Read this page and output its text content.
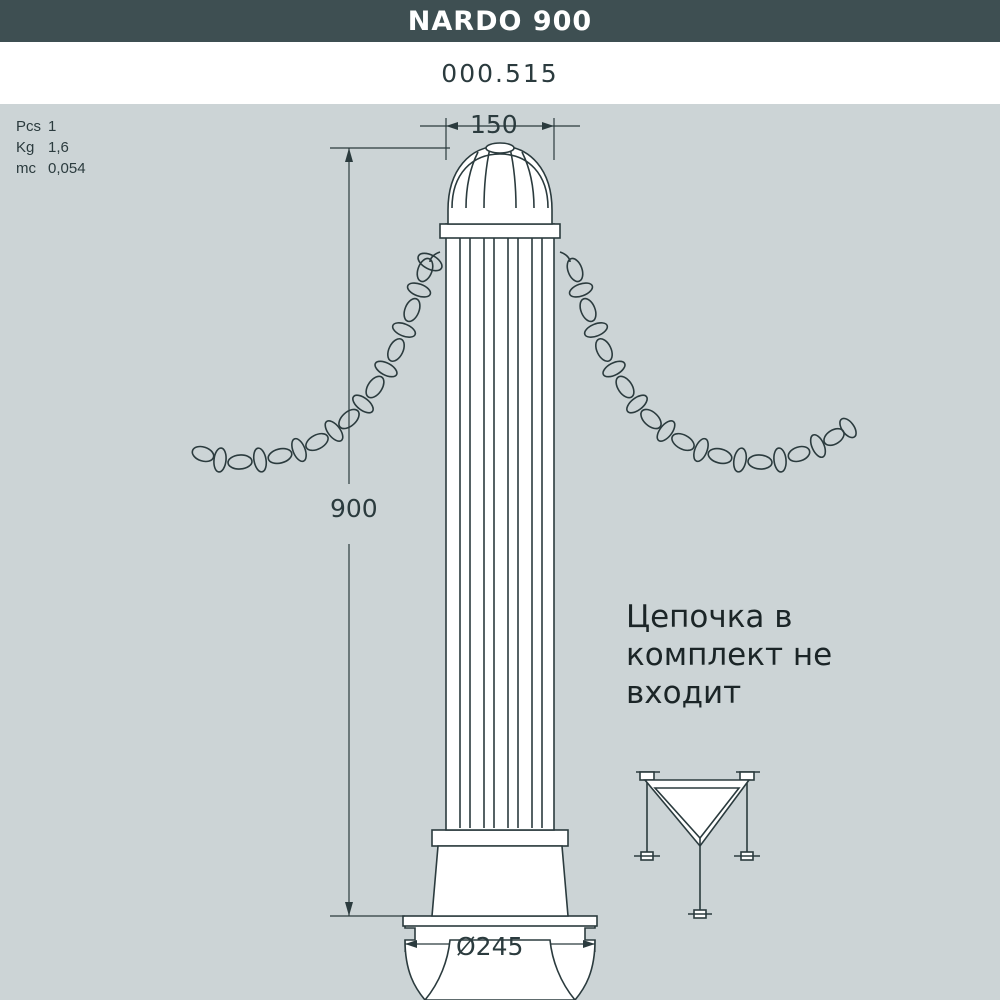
NARDO 900
000.515
150
900
Ø245
Pcs 1
Kg 1,6
mc 0,054
Цепочка в комплект не входит
